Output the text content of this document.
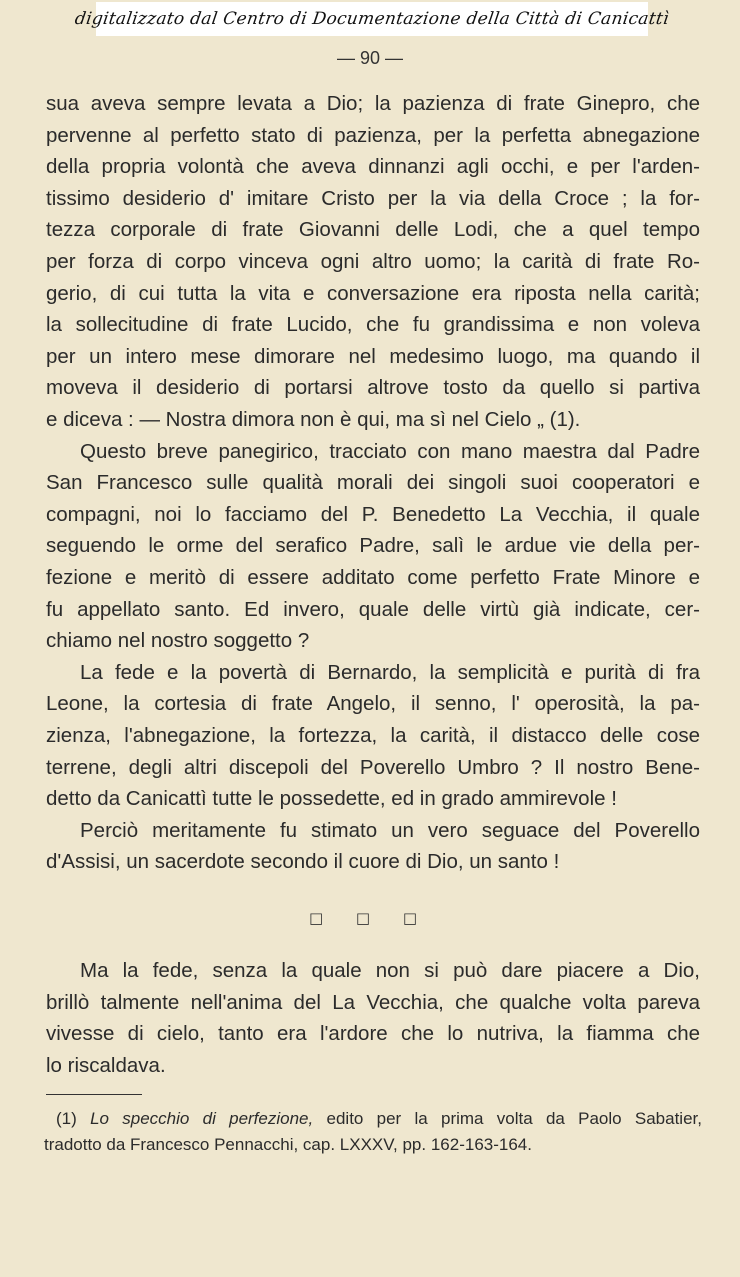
digitalizzato dal Centro di Documentazione della Città di Canicattì
— 90 —
sua aveva sempre levata a Dio; la pazienza di frate Ginepro, che
pervenne al perfetto stato di pazienza, per la perfetta abnegazione
della propria volontà che aveva dinnanzi agli occhi, e per l'arden-
tissimo desiderio d' imitare Cristo per la via della Croce ; la for-
tezza corporale di frate Giovanni delle Lodi, che a quel tempo
per forza di corpo vinceva ogni altro uomo; la carità di frate Ro-
gerio, di cui tutta la vita e conversazione era riposta nella carità;
la sollecitudine di frate Lucido, che fu grandissima e non voleva
per un intero mese dimorare nel medesimo luogo, ma quando il
moveva il desiderio di portarsi altrove tosto da quello si partiva
e diceva : — Nostra dimora non è qui, ma sì nel Cielo „ (1).
Questo breve panegirico, tracciato con mano maestra dal Padre
San Francesco sulle qualità morali dei singoli suoi cooperatori e
compagni, noi lo facciamo del P. Benedetto La Vecchia, il quale
seguendo le orme del serafico Padre, salì le ardue vie della per-
fezione e meritò di essere additato come perfetto Frate Minore e
fu appellato santo. Ed invero, quale delle virtù già indicate, cer-
chiamo nel nostro soggetto ?
La fede e la povertà di Bernardo, la semplicità e purità di fra
Leone, la cortesia di frate Angelo, il senno, l' operosità, la pa-
zienza, l'abnegazione, la fortezza, la carità, il distacco delle cose
terrene, degli altri discepoli del Poverello Umbro ? Il nostro Bene-
detto da Canicattì tutte le possedette, ed in grado ammirevole !
Perciò meritamente fu stimato un vero seguace del Poverello
d'Assisi, un sacerdote secondo il cuore di Dio, un santo !
□ □ □
Ma la fede, senza la quale non si può dare piacere a Dio,
brillò talmente nell'anima del La Vecchia, che qualche volta pareva
vivesse di cielo, tanto era l'ardore che lo nutriva, la fiamma che
lo riscaldava.
(1) Lo specchio di perfezione, edito per la prima volta da Paolo Sabatier,
tradotto da Francesco Pennacchi, cap. LXXXV, pp. 162-163-164.
